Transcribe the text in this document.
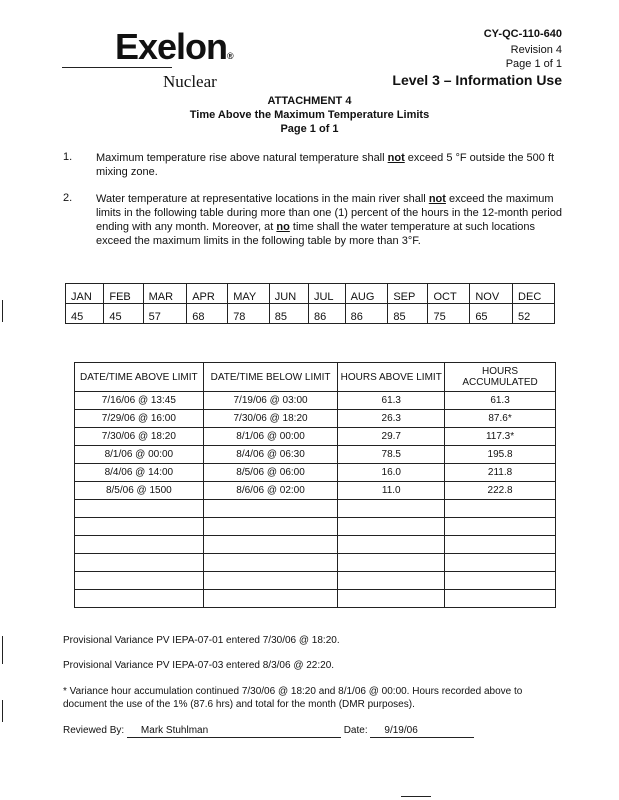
Exelon®
Nuclear
CY-QC-110-640
Revision 4
Page 1 of 1
Level 3 – Information Use
ATTACHMENT 4
Time Above the Maximum Temperature Limits
Page 1 of 1
1. Maximum temperature rise above natural temperature shall not exceed 5 °F outside the 500 ft mixing zone.
2. Water temperature at representative locations in the main river shall not exceed the maximum limits in the following table during more than one (1) percent of the hours in the 12-month period ending with any month. Moreover, at no time shall the water temperature at such locations exceed the maximum limits in the following table by more than 3°F.
JAN	FEB	MAR	APR	MAY	JUN	JUL	AUG	SEP	OCT	NOV	DEC
45	45	57	68	78	85	86	86	85	75	65	52
DATE/TIME ABOVE LIMIT	DATE/TIME BELOW LIMIT	HOURS ABOVE LIMIT	HOURS ACCUMULATED
7/16/06 @ 13:45	7/19/06 @ 03:00	61.3	61.3
7/29/06 @ 16:00	7/30/06 @ 18:20	26.3	87.6*
7/30/06 @ 18:20	8/1/06 @ 00:00	29.7	117.3*
8/1/06 @ 00:00	8/4/06 @ 06:30	78.5	195.8
8/4/06 @ 14:00	8/5/06 @ 06:00	16.0	211.8
8/5/06 @ 1500	8/6/06 @ 02:00	11.0	222.8

Provisional Variance PV IEPA-07-01 entered 7/30/06 @ 18:20.
Provisional Variance PV IEPA-07-03 entered 8/3/06 @ 22:20.
* Variance hour accumulation continued 7/30/06 @ 18:20 and 8/1/06 @ 00:00. Hours recorded above to document the use of the 1% (87.6 hrs) and total for the month (DMR purposes).
Reviewed By: Mark Stuhlman	Date: 9/19/06
